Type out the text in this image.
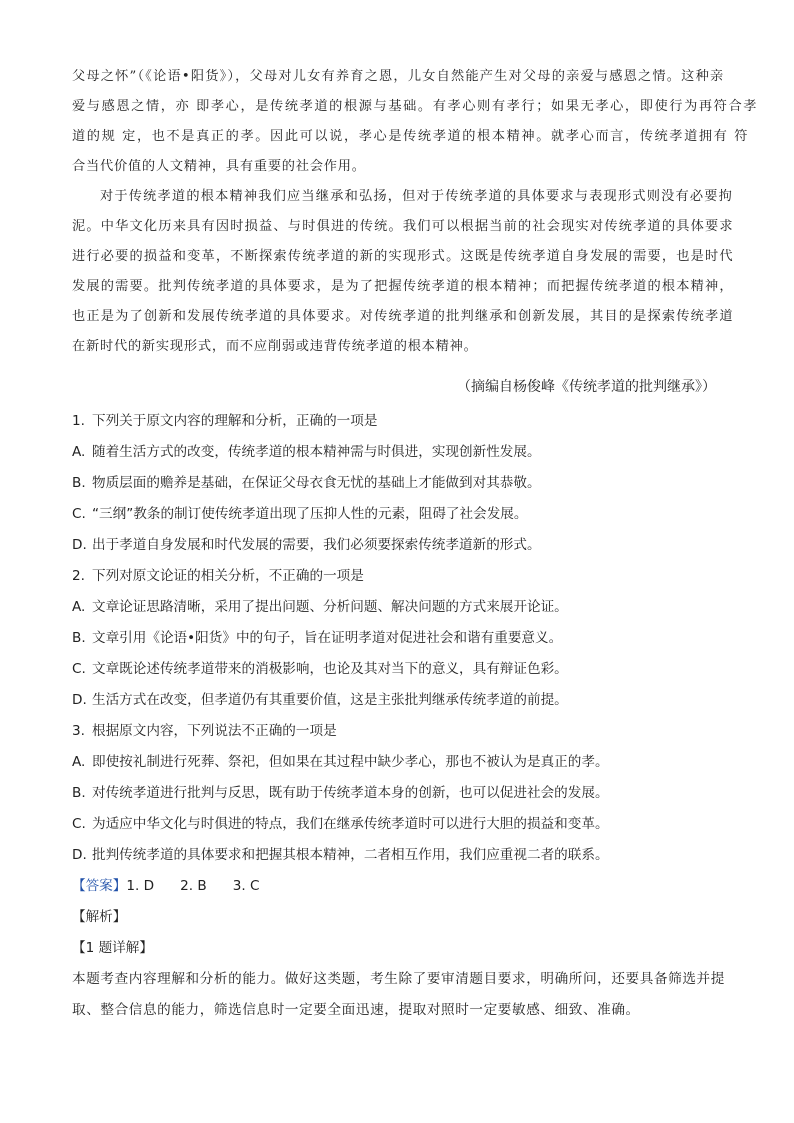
父母之怀”（《论语•阳货》），父母对儿女有养育之恩，儿女自然能产生对父母的亲爱与感恩之情。这种亲
爱与感恩之情，亦 即孝心，是传统孝道的根源与基础。有孝心则有孝行；如果无孝心，即使行为再符合孝
道的规 定，也不是真正的孝。因此可以说，孝心是传统孝道的根本精神。就孝心而言，传统孝道拥有 符
合当代价值的人文精神，具有重要的社会作用。
对于传统孝道的根本精神我们应当继承和弘扬，但对于传统孝道的具体要求与表现形式则没有必要拘
泥。中华文化历来具有因时损益、与时俱进的传统。我们可以根据当前的社会现实对传统孝道的具体要求
进行必要的损益和变革，不断探索传统孝道的新的实现形式。这既是传统孝道自身发展的需要，也是时代
发展的需要。批判传统孝道的具体要求，是为了把握传统孝道的根本精神；而把握传统孝道的根本精神，
也正是为了创新和发展传统孝道的具体要求。对传统孝道的批判继承和创新发展，其目的是探索传统孝道
在新时代的新实现形式，而不应削弱或违背传统孝道的根本精神。
（摘编自杨俊峰《传统孝道的批判继承》）
1. 下列关于原文内容的理解和分析，正确的一项是
A. 随着生活方式的改变，传统孝道的根本精神需与时俱进，实现创新性发展。
B. 物质层面的赡养是基础，在保证父母衣食无忧的基础上才能做到对其恭敬。
C. “三纲”教条的制订使传统孝道出现了压抑人性的元素，阻碍了社会发展。
D. 出于孝道自身发展和时代发展的需要，我们必须要探索传统孝道新的形式。
2. 下列对原文论证的相关分析，不正确的一项是
A. 文章论证思路清晰，采用了提出问题、分析问题、解决问题的方式来展开论证。
B. 文章引用《论语•阳货》中的句子，旨在证明孝道对促进社会和谐有重要意义。
C. 文章既论述传统孝道带来的消极影响，也论及其对当下的意义，具有辩证色彩。
D. 生活方式在改变，但孝道仍有其重要价值，这是主张批判继承传统孝道的前提。
3. 根据原文内容，下列说法不正确的一项是
A. 即使按礼制进行死葬、祭祀，但如果在其过程中缺少孝心，那也不被认为是真正的孝。
B. 对传统孝道进行批判与反思，既有助于传统孝道本身的创新，也可以促进社会的发展。
C. 为适应中华文化与时俱进的特点，我们在继承传统孝道时可以进行大胆的损益和变革。
D. 批判传统孝道的具体要求和把握其根本精神，二者相互作用，我们应重视二者的联系。
【答案】1. D 2. B 3. C
【解析】
【1 题详解】
本题考查内容理解和分析的能力。做好这类题，考生除了要审清题目要求，明确所问，还要具备筛选并提
取、整合信息的能力，筛选信息时一定要全面迅速，提取对照时一定要敏感、细致、准确。
